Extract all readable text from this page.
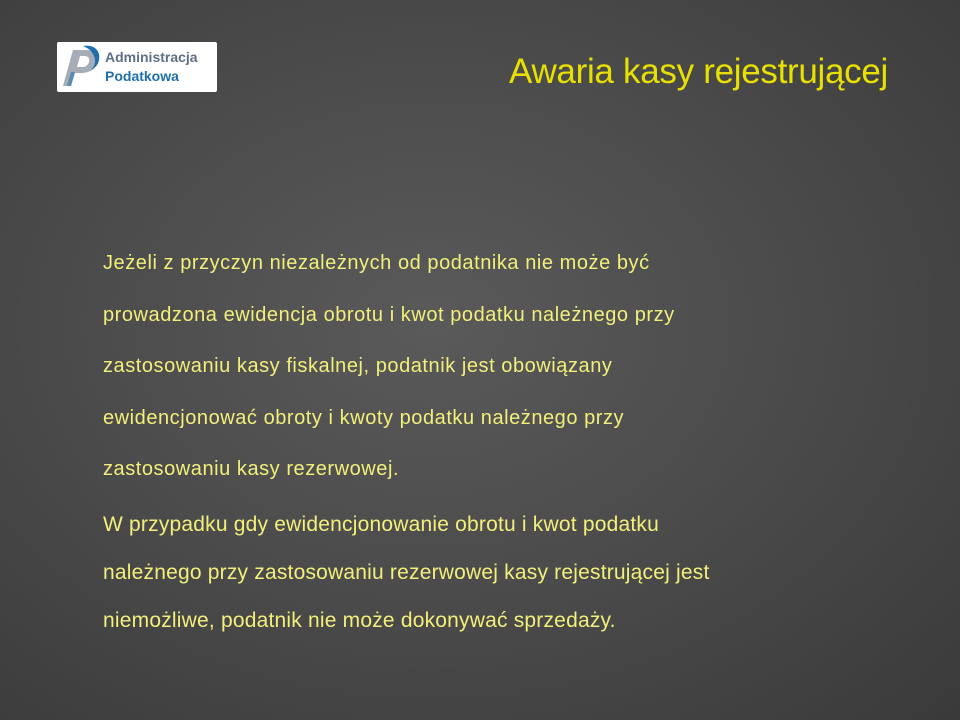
Administracja
Podatkowa	Awaria kasy rejestrującej

Jeżeli z przyczyn niezależnych od podatnika nie może być
prowadzona ewidencja obrotu i kwot podatku należnego przy
zastosowaniu kasy fiskalnej, podatnik jest obowiązany
ewidencjonować obroty i kwoty podatku należnego przy
zastosowaniu kasy rezerwowej.

W przypadku gdy ewidencjonowanie obrotu i kwot podatku
należnego przy zastosowaniu rezerwowej kasy rejestrującej jest
niemożliwe, podatnik nie może dokonywać sprzedaży.
